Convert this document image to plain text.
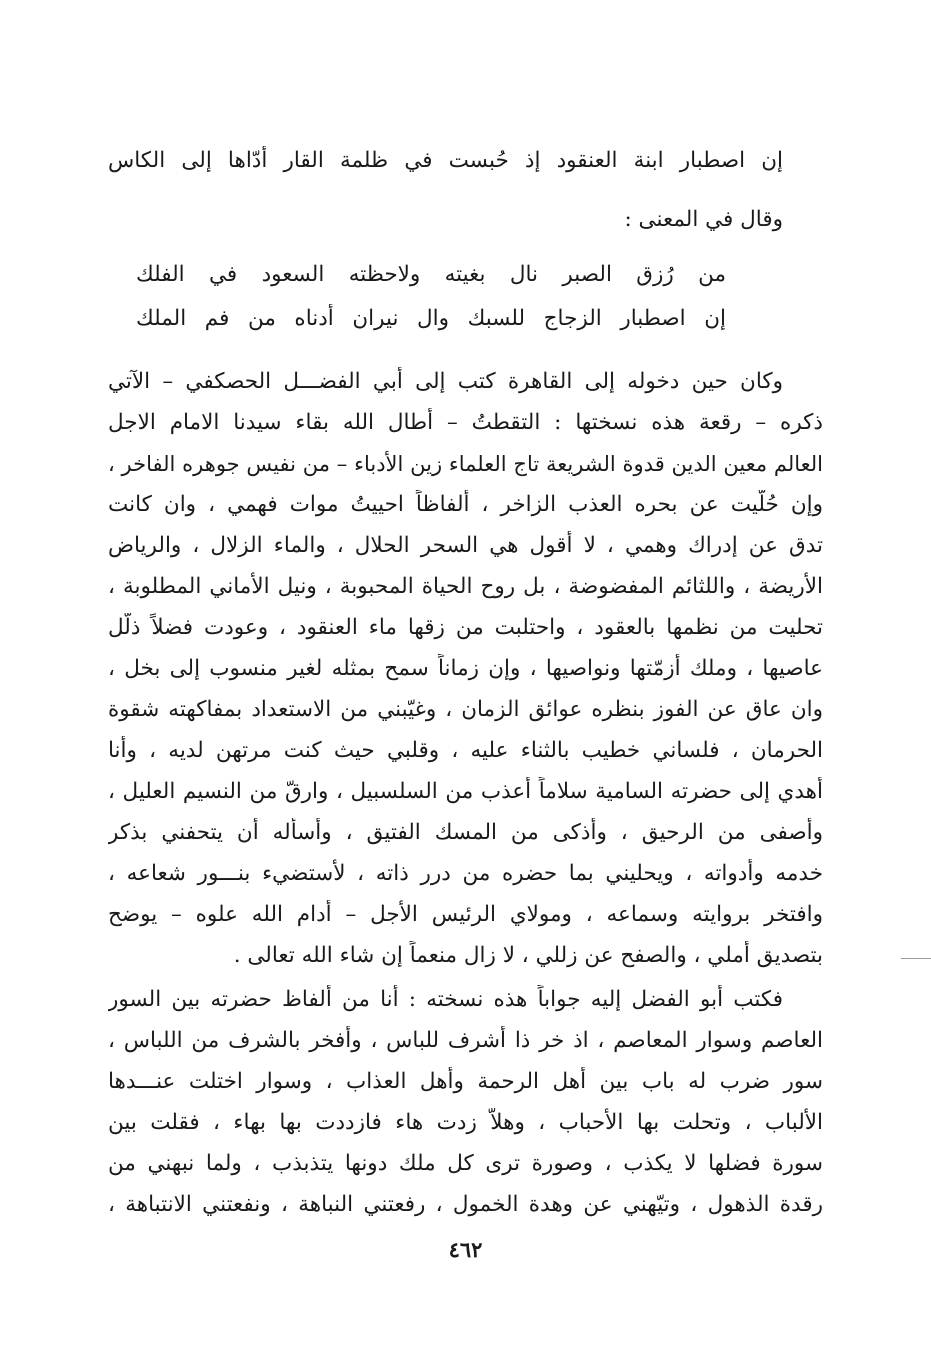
إن اصطبار ابنة العنقود إذ حُبست في ظلمة القار أدّاها إلى الكاس
وقال في المعنى :
من رُزق الصبر نال بغيته ولاحظته السعود في الفلك
إن اصطبار الزجاج للسبك وال نيران أدناه من فم الملك
وكان حين دخوله إلى القاهرة كتب إلى أبي الفضـــل الحصكفي – الآتي
ذكره – رقعة هذه نسختها : التقطتُ – أطال الله بقاء سيدنا الامام الاجل
العالم معين الدين قدوة الشريعة تاج العلماء زين الأدباء – من نفيس جوهره الفاخر ،
وإن حُلّيت عن بحره العذب الزاخر ، ألفاظاً احييتُ موات فهمي ، وان كانت
تدق عن إدراك وهمي ، لا أقول هي السحر الحلال ، والماء الزلال ، والرياض
الأريضة ، واللثائم المفضوضة ، بل روح الحياة المحبوبة ، ونيل الأماني المطلوبة ،
تحليت من نظمها بالعقود ، واحتلبت من زقها ماء العنقود ، وعودت فضلاً ذلّل
عاصيها ، وملك أزمّتها ونواصيها ، وإن زماناً سمح بمثله لغير منسوب إلى بخل ،
وان عاق عن الفوز بنظره عوائق الزمان ، وغيّبني من الاستعداد بمفاكهته شقوة
الحرمان ، فلساني خطيب بالثناء عليه ، وقلبي حيث كنت مرتهن لديه ، وأنا
أهدي إلى حضرته السامية سلاماً أعذب من السلسبيل ، وارقّ من النسيم العليل ،
وأصفى من الرحيق ، وأذكى من المسك الفتيق ، وأسأله أن يتحفني بذكر
خدمه وأدواته ، ويحليني بما حضره من درر ذاته ، لأستضيء بنـــور شعاعه ،
وافتخر بروايته وسماعه ، ومولاي الرئيس الأجل – أدام الله علوه – يوضح
بتصديق أملي ، والصفح عن زللي ، لا زال منعماً إن شاء الله تعالى .
فكتب أبو الفضل إليه جواباً هذه نسخته : أنا من ألفاظ حضرته بين السور
العاصم وسوار المعاصم ، اذ خر ذا أشرف للباس ، وأفخر بالشرف من اللباس ،
سور ضرب له باب بين أهل الرحمة وأهل العذاب ، وسوار اختلت عنـــدها
الألباب ، وتحلت بها الأحباب ، وهلاّ زدت هاء فازددت بها بهاء ، فقلت بين
سورة فضلها لا يكذب ، وصورة ترى كل ملك دونها يتذبذب ، ولما نبهني من
رقدة الذهول ، وتيّهني عن وهدة الخمول ، رفعتني النباهة ، ونفعتني الانتباهة ،
٤٦٢
